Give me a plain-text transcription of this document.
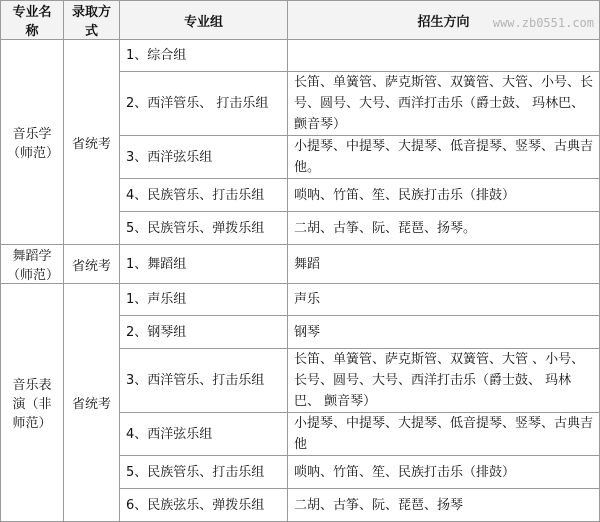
专业名称	录取方式	专业组	招生方向
音乐学（师范）	省统考	1、综合组	
		2、西洋管乐、 打击乐组	长笛、单簧管、萨克斯管、双簧管、大管、小号、长号、圆号、大号、西洋打击乐（爵士鼓、 玛林巴、 颤音琴）
		3、西洋弦乐组	小提琴、中提琴、大提琴、低音提琴、竖琴、古典吉他。
		4、民族管乐、打击乐组	唢呐、竹笛、笙、民族打击乐（排鼓）
		5、民族管乐、弹拨乐组	二胡、古筝、阮、琵琶、扬琴。
舞蹈学（师范）	省统考	1、舞蹈组	舞蹈
音乐表演（非师范）	省统考	1、声乐组	声乐
		2、钢琴组	钢琴
		3、西洋管乐、打击乐组	长笛、单簧管、萨克斯管、双簧管、大管 、小号、长号、圆号、大号、西洋打击乐（爵士鼓、 玛林巴、 颤音琴）
		4、西洋弦乐组	小提琴、中提琴、大提琴、低音提琴、竖琴、古典吉他
		5、民族管乐、打击乐组	唢呐、竹笛、笙、民族打击乐（排鼓）
		6、民族弦乐、弹拨乐组	二胡、古筝、阮、琵琶、扬琴
www.zb0551.com
